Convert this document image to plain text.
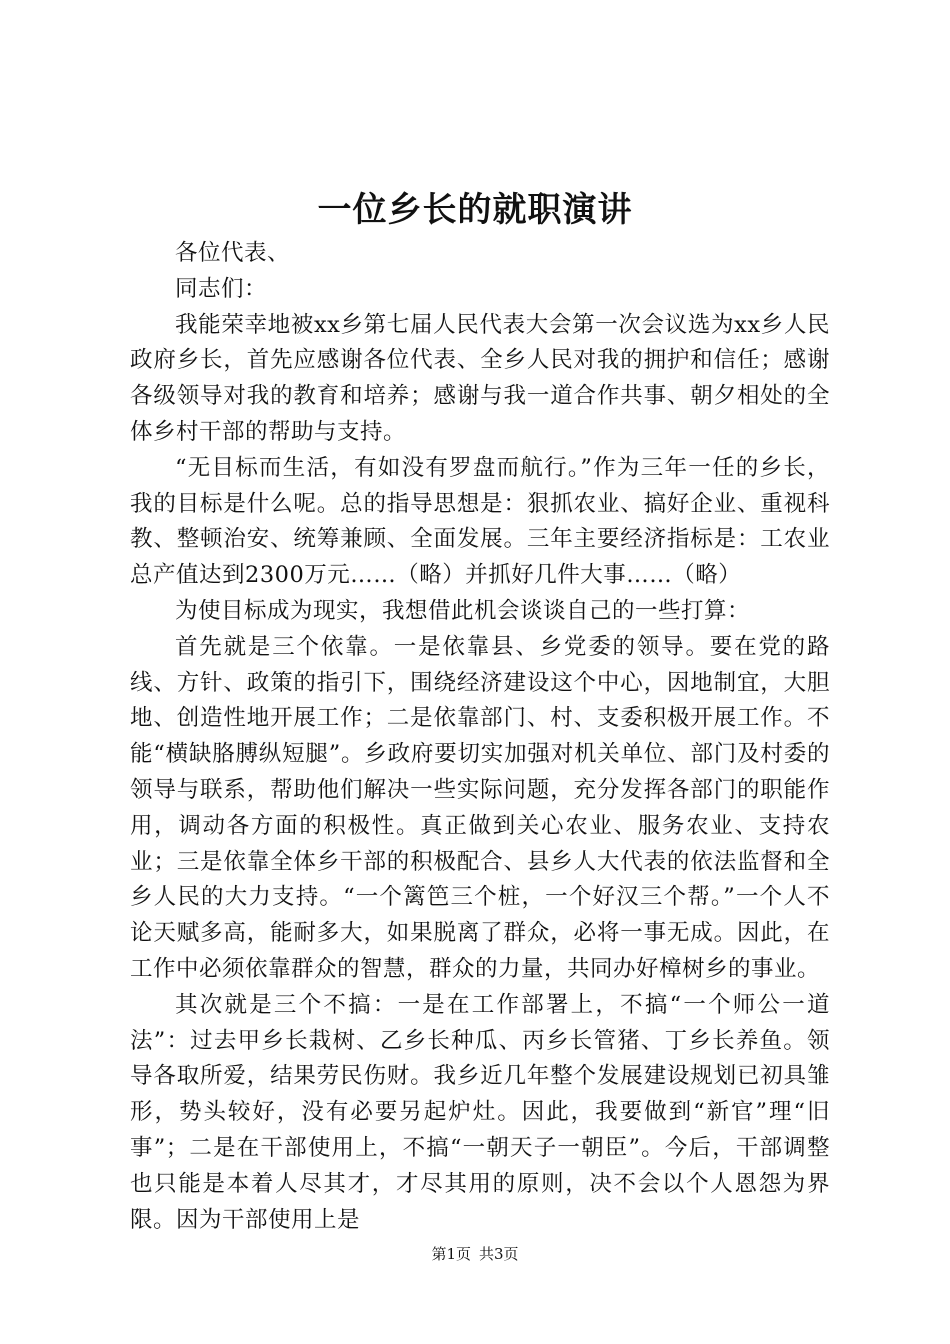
一位乡长的就职演讲

各位代表、

同志们：

我能荣幸地被xx乡第七届人民代表大会第一次会议选为xx乡人民政府乡长，首先应感谢各位代表、全乡人民对我的拥护和信任；感谢各级领导对我的教育和培养；感谢与我一道合作共事、朝夕相处的全体乡村干部的帮助与支持。

“无目标而生活，有如没有罗盘而航行。”作为三年一任的乡长，我的目标是什么呢。总的指导思想是：狠抓农业、搞好企业、重视科教、整顿治安、统筹兼顾、全面发展。三年主要经济指标是：工农业总产值达到2300万元……（略）并抓好几件大事……（略）

为使目标成为现实，我想借此机会谈谈自己的一些打算：

首先就是三个依靠。一是依靠县、乡党委的领导。要在党的路线、方针、政策的指引下，围绕经济建设这个中心，因地制宜，大胆地、创造性地开展工作；二是依靠部门、村、支委积极开展工作。不能“横缺胳膊纵短腿”。乡政府要切实加强对机关单位、部门及村委的领导与联系，帮助他们解决一些实际问题，充分发挥各部门的职能作用，调动各方面的积极性。真正做到关心农业、服务农业、支持农业；三是依靠全体乡干部的积极配合、县乡人大代表的依法监督和全乡人民的大力支持。“一个篱笆三个桩，一个好汉三个帮。”一个人不论天赋多高，能耐多大，如果脱离了群众，必将一事无成。因此，在工作中必须依靠群众的智慧，群众的力量，共同办好樟树乡的事业。

其次就是三个不搞：一是在工作部署上，不搞“一个师公一道法”：过去甲乡长栽树、乙乡长种瓜、丙乡长管猪、丁乡长养鱼。领导各取所爱，结果劳民伤财。我乡近几年整个发展建设规划已初具雏形，势头较好，没有必要另起炉灶。因此，我要做到“新官”理“旧事”；二是在干部使用上，不搞“一朝天子一朝臣”。今后，干部调整也只能是本着人尽其才，才尽其用的原则，决不会以个人恩怨为界限。因为干部使用上是

第1页 共3页
